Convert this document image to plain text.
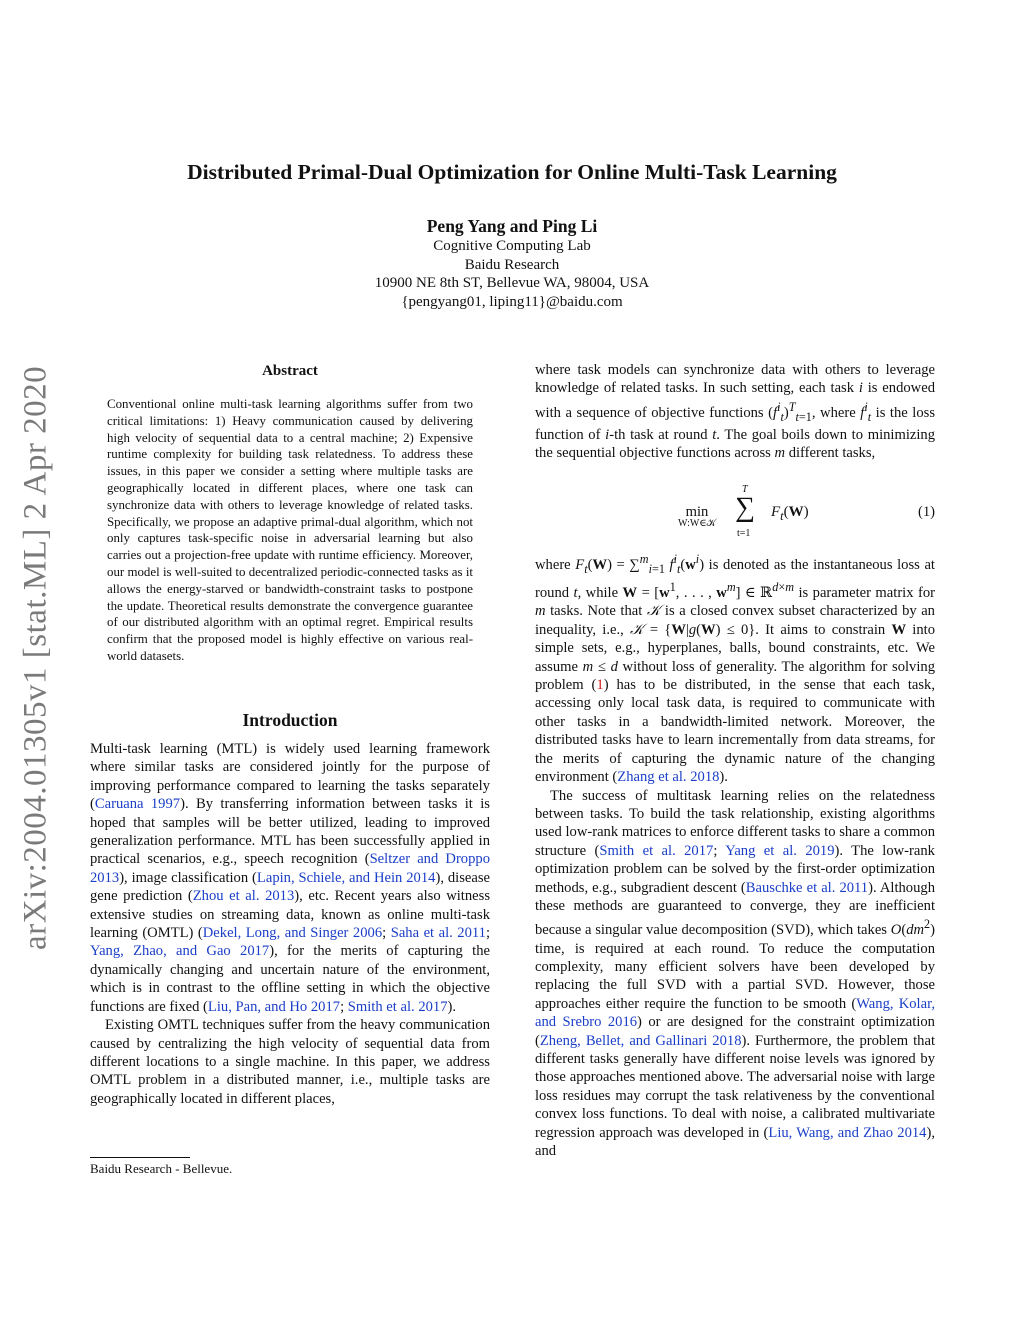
arXiv:2004.01305v1 [stat.ML] 2 Apr 2020
Distributed Primal-Dual Optimization for Online Multi-Task Learning
Peng Yang and Ping Li
Cognitive Computing Lab
Baidu Research
10900 NE 8th ST, Bellevue WA, 98004, USA
{pengyang01, liping11}@baidu.com
Abstract
Conventional online multi-task learning algorithms suffer from two critical limitations: 1) Heavy communication caused by delivering high velocity of sequential data to a central machine; 2) Expensive runtime complexity for building task relatedness. To address these issues, in this paper we consider a setting where multiple tasks are geographically located in different places, where one task can synchronize data with others to leverage knowledge of related tasks. Specifically, we propose an adaptive primal-dual algorithm, which not only captures task-specific noise in adversarial learning but also carries out a projection-free update with runtime efficiency. Moreover, our model is well-suited to decentralized periodic-connected tasks as it allows the energy-starved or bandwidth-constraint tasks to postpone the update. Theoretical results demonstrate the convergence guarantee of our distributed algorithm with an optimal regret. Empirical results confirm that the proposed model is highly effective on various real-world datasets.
Introduction

Multi-task learning (MTL) is widely used learning framework where similar tasks are considered jointly for the purpose of improving performance compared to learning the tasks separately (Caruana 1997). By transferring information between tasks it is hoped that samples will be better utilized, leading to improved generalization performance. MTL has been successfully applied in practical scenarios, e.g., speech recognition (Seltzer and Droppo 2013), image classification (Lapin, Schiele, and Hein 2014), disease gene prediction (Zhou et al. 2013), etc. Recent years also witness extensive studies on streaming data, known as online multi-task learning (OMTL) (Dekel, Long, and Singer 2006; Saha et al. 2011; Yang, Zhao, and Gao 2017), for the merits of capturing the dynamically changing and uncertain nature of the environment, which is in contrast to the offline setting in which the objective functions are fixed (Liu, Pan, and Ho 2017; Smith et al. 2017).

Existing OMTL techniques suffer from the heavy communication caused by centralizing the high velocity of sequential data from different locations to a single machine. In this paper, we address OMTL problem in a distributed manner, i.e., multiple tasks are geographically located in different places,

Baidu Research - Bellevue.

where task models can synchronize data with others to leverage knowledge of related tasks. In such setting, each task i is endowed with a sequence of objective functions $(f^i_t)^T_{t=1}$, where $f^i_t$ is the loss function of i-th task at round t. The goal boils down to minimizing the sequential objective functions across m different tasks,

min
W:W∈𝒦
T
∑
t=1
$F_t(W)$	(1)

where $F_t(W) = \sum^m_{i=1}$ $f^i_t(w^i)$ is denoted as the instantaneous loss at round t, while $W = [w^1$, . . . , $w^m$] ∈ ℝ$^{d\times m}$ is parameter matrix for m tasks. Note that 𝒦 is a closed convex subset characterized by an inequality, i.e., 𝒦 = {W|g(W) ≤ 0}. It aims to constrain W into simple sets, e.g., hyperplanes, balls, bound constraints, etc. We assume m ≤ d without loss of generality. The algorithm for solving problem (1) has to be distributed, in the sense that each task, accessing only local task data, is required to communicate with other tasks in a bandwidth-limited network. Moreover, the distributed tasks have to learn incrementally from data streams, for the merits of capturing the dynamic nature of the changing environment (Zhang et al. 2018).

The success of multitask learning relies on the relatedness between tasks. To build the task relationship, existing algorithms used low-rank matrices to enforce different tasks to share a common structure (Smith et al. 2017; Yang et al. 2019). The low-rank optimization problem can be solved by the first-order optimization methods, e.g., subgradient descent (Bauschke et al. 2011). Although these methods are guaranteed to converge, they are inefficient because a singular value decomposition (SVD), which takes $O(dm^2)$ time, is required at each round. To reduce the computation complexity, many efficient solvers have been developed by replacing the full SVD with a partial SVD. However, those approaches either require the function to be smooth (Wang, Kolar, and Srebro 2016) or are designed for the constraint optimization (Zheng, Bellet, and Gallinari 2018). Furthermore, the problem that different tasks generally have different noise levels was ignored by those approaches mentioned above. The adversarial noise with large loss residues may corrupt the task relativeness by the conventional convex loss functions. To deal with noise, a calibrated multivariate regression approach was developed in (Liu, Wang, and Zhao 2014), and
